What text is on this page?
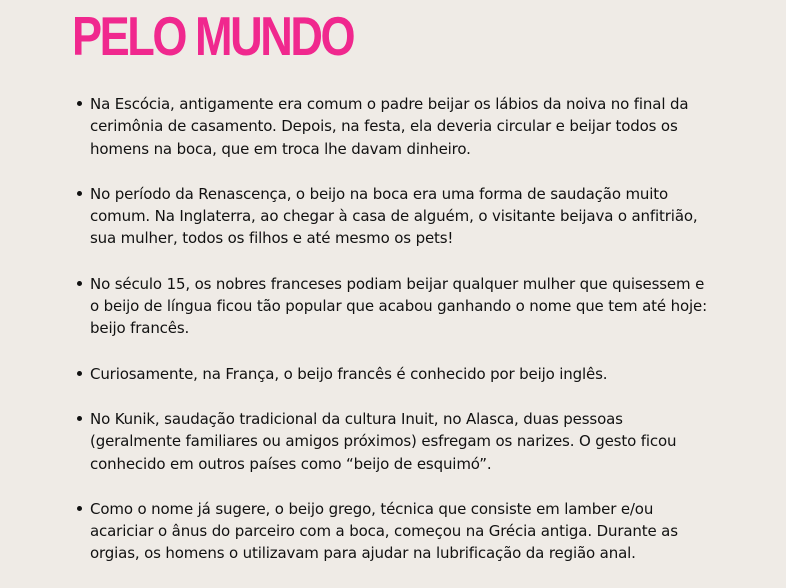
PELO MUNDO
Na Escócia, antigamente era comum o padre beijar os lábios da noiva no final da cerimônia de casamento. Depois, na festa, ela deveria circular e beijar todos os homens na boca, que em troca lhe davam dinheiro.
No período da Renascença, o beijo na boca era uma forma de saudação muito comum. Na Inglaterra, ao chegar à casa de alguém, o visitante beijava o anfitrião, sua mulher, todos os filhos e até mesmo os pets!
No século 15, os nobres franceses podiam beijar qualquer mulher que quisessem e o beijo de língua ficou tão popular que acabou ganhando o nome que tem até hoje: beijo francês.
Curiosamente, na França, o beijo francês é conhecido por beijo inglês.
No Kunik, saudação tradicional da cultura Inuit, no Alasca, duas pessoas (geralmente familiares ou amigos próximos) esfregam os narizes. O gesto ficou conhecido em outros países como “beijo de esquimó”.
Como o nome já sugere, o beijo grego, técnica que consiste em lamber e/ou acariciar o ânus do parceiro com a boca, começou na Grécia antiga. Durante as orgias, os homens o utilizavam para ajudar na lubrificação da região anal.
